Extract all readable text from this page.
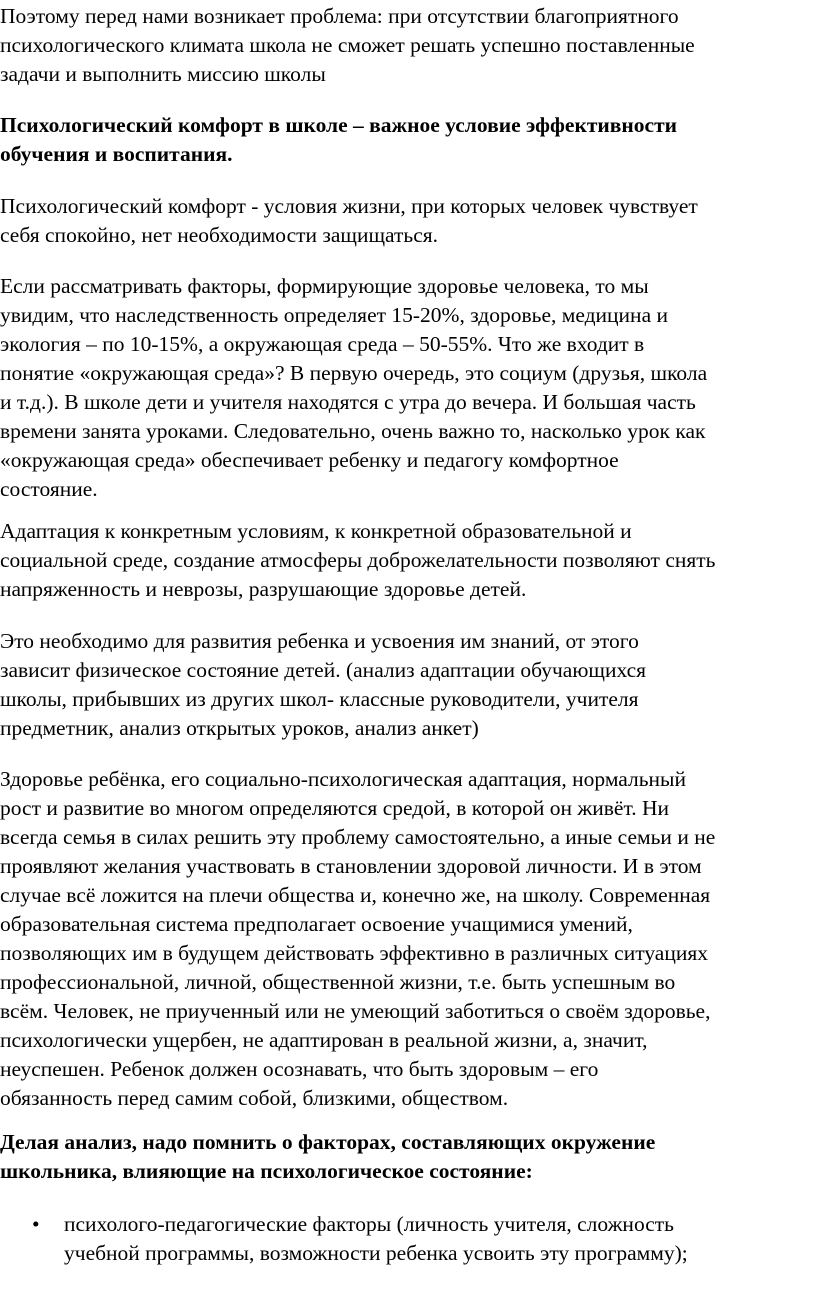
Поэтому перед нами возникает проблема: при отсутствии благоприятного
психологического климата школа не сможет решать успешно поставленные
задачи и выполнить миссию школы

Психологический комфорт в школе – важное условие эффективности
обучения и воспитания.

Психологический комфорт - условия жизни, при которых человек чувствует
себя спокойно, нет необходимости защищаться.

Если рассматривать факторы, формирующие здоровье человека, то мы
увидим, что наследственность определяет 15-20%, здоровье, медицина и
экология – по 10-15%, а окружающая среда – 50-55%. Что же входит в
понятие «окружающая среда»? В первую очередь, это социум (друзья, школа
и т.д.). В школе дети и учителя находятся с утра до вечера. И большая часть
времени занята уроками. Следовательно, очень важно то, насколько урок как
«окружающая среда» обеспечивает ребенку и педагогу комфортное
состояние.

Адаптация к конкретным условиям, к конкретной образовательной и
социальной среде, создание атмосферы доброжелательности позволяют снять
напряженность и неврозы, разрушающие здоровье детей.

Это необходимо для развития ребенка и усвоения им знаний, от этого
зависит физическое состояние детей. (анализ адаптации обучающихся
школы, прибывших из других школ- классные руководители, учителя
предметник, анализ открытых уроков, анализ анкет)

Здоровье ребёнка, его социально-психологическая адаптация, нормальный
рост и развитие во многом определяются средой, в которой он живёт. Ни
всегда семья в силах решить эту проблему самостоятельно, а иные семьи и не
проявляют желания участвовать в становлении здоровой личности. И в этом
случае всё ложится на плечи общества и, конечно же, на школу. Современная
образовательная система предполагает освоение учащимися умений,
позволяющих им в будущем действовать эффективно в различных ситуациях
профессиональной, личной, общественной жизни, т.е. быть успешным во
всём. Человек, не приученный или не умеющий заботиться о своём здоровье,
психологически ущербен, не адаптирован в реальной жизни, а, значит,
неуспешен. Ребенок должен осознавать, что быть здоровым – его
обязанность перед самим собой, близкими, обществом.

Делая анализ, надо помнить о факторах, составляющих окружение
школьника, влияющие на психологическое состояние:

• психолого-педагогические факторы (личность учителя, сложность
учебной программы, возможности ребенка усвоить эту программу);
